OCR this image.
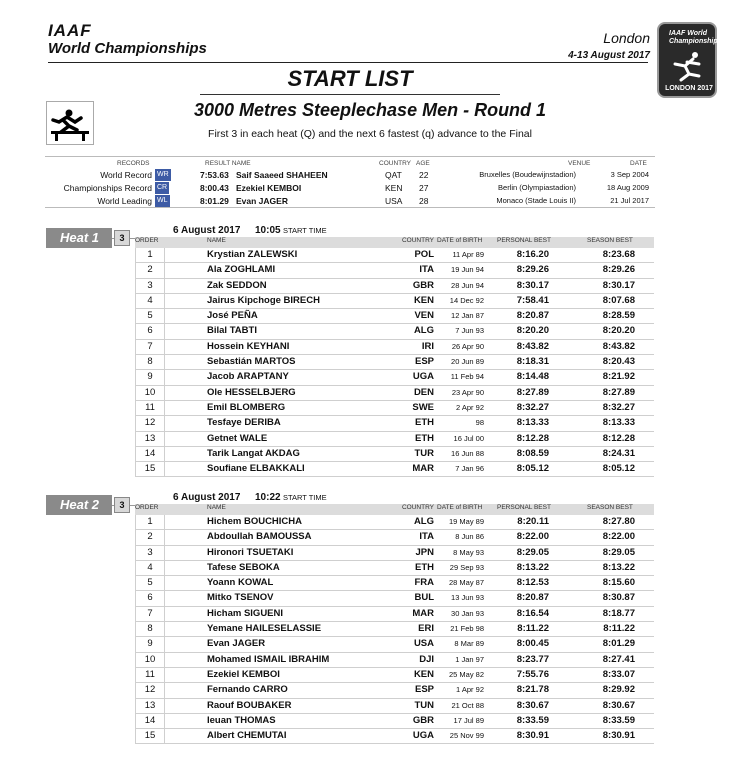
IAAF
World Championships
London
4-13 August 2017
IAAF World Championships
LONDON 2017
START LIST
3000 Metres Steeplechase Men - Round 1
First 3 in each heat (Q) and the next 6 fastest (q) advance to the Final
RECORDS	RESULT NAME	COUNTRY AGE	VENUE	DATE
World Record WR	7:53.63 Saif Saaeed SHAHEEN	QAT 22	Bruxelles (Boudewijnstadion)	3 Sep 2004
Championships Record CR	8:00.43 Ezekiel KEMBOI	KEN 27	Berlin (Olympiastadion)	18 Aug 2009
World Leading WL	8:01.29 Evan JAGER	USA 28	Monaco (Stade Louis II)	21 Jul 2017
Heat 1	3
6 August 2017 10:05 START TIME
ORDER	NAME	COUNTRY DATE of BIRTH PERSONAL BEST	SEASON BEST
1	Krystian ZALEWSKI	POL	11 Apr 89	8:16.20	8:23.68
2	Ala ZOGHLAMI	ITA	19 Jun 94	8:29.26	8:29.26
3	Zak SEDDON	GBR	28 Jun 94	8:30.17	8:30.17
4	Jairus Kipchoge BIRECH	KEN	14 Dec 92	7:58.41	8:07.68
5	José PEÑA	VEN	12 Jan 87	8:20.87	8:28.59
6	Bilal TABTI	ALG	7 Jun 93	8:20.20	8:20.20
7	Hossein KEYHANI	IRI	26 Apr 90	8:43.82	8:43.82
8	Sebastián MARTOS	ESP	20 Jun 89	8:18.31	8:20.43
9	Jacob ARAPTANY	UGA	11 Feb 94	8:14.48	8:21.92
10	Ole HESSELBJERG	DEN	23 Apr 90	8:27.89	8:27.89
11	Emil BLOMBERG	SWE	2 Apr 92	8:32.27	8:32.27
12	Tesfaye DERIBA	ETH	98	8:13.33	8:13.33
13	Getnet WALE	ETH	16 Jul 00	8:12.28	8:12.28
14	Tarik Langat AKDAG	TUR	16 Jun 88	8:08.59	8:24.31
15	Soufiane ELBAKKALI	MAR	7 Jan 96	8:05.12	8:05.12
Heat 2	3
6 August 2017 10:22 START TIME
ORDER	NAME	COUNTRY DATE of BIRTH PERSONAL BEST	SEASON BEST
1	Hichem BOUCHICHA	ALG	19 May 89	8:20.11	8:27.80
2	Abdoullah BAMOUSSA	ITA	8 Jun 86	8:22.00	8:22.00
3	Hironori TSUETAKI	JPN	8 May 93	8:29.05	8:29.05
4	Tafese SEBOKA	ETH	29 Sep 93	8:13.22	8:13.22
5	Yoann KOWAL	FRA	28 May 87	8:12.53	8:15.60
6	Mitko TSENOV	BUL	13 Jun 93	8:20.87	8:30.87
7	Hicham SIGUENI	MAR	30 Jan 93	8:16.54	8:18.77
8	Yemane HAILESELASSIE	ERI	21 Feb 98	8:11.22	8:11.22
9	Evan JAGER	USA	8 Mar 89	8:00.45	8:01.29
10	Mohamed ISMAIL IBRAHIM	DJI	1 Jan 97	8:23.77	8:27.41
11	Ezekiel KEMBOI	KEN	25 May 82	7:55.76	8:33.07
12	Fernando CARRO	ESP	1 Apr 92	8:21.78	8:29.92
13	Raouf BOUBAKER	TUN	21 Oct 88	8:30.67	8:30.67
14	Ieuan THOMAS	GBR	17 Jul 89	8:33.59	8:33.59
15	Albert CHEMUTAI	UGA	25 Nov 99	8:30.91	8:30.91
